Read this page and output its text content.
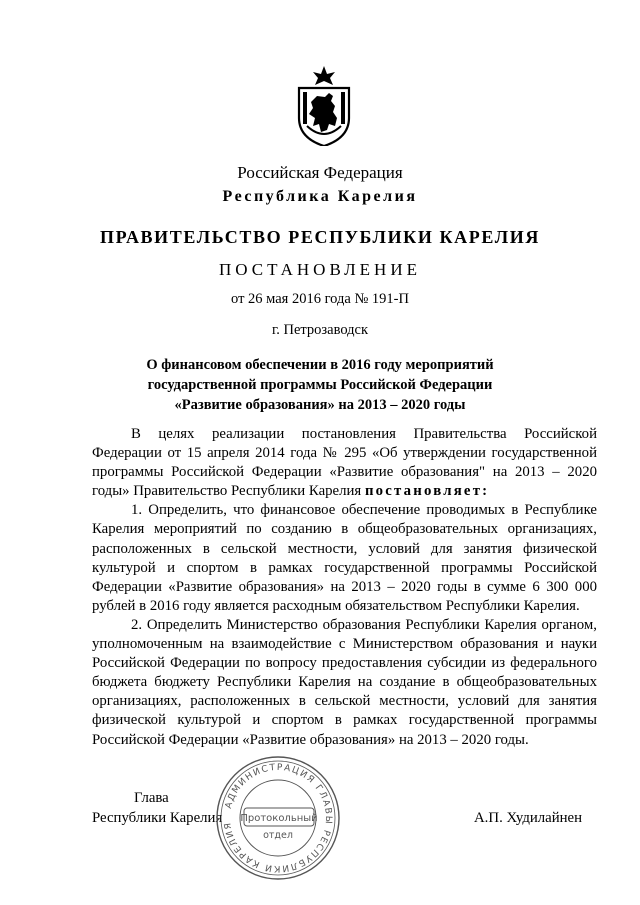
Российская Федерация
Республика Карелия
ПРАВИТЕЛЬСТВО РЕСПУБЛИКИ КАРЕЛИЯ
ПОСТАНОВЛЕНИЕ
от 26 мая 2016 года № 191-П
г. Петрозаводск
О финансовом обеспечении в 2016 году мероприятий
государственной программы Российской Федерации
«Развитие образования» на 2013 – 2020 годы

В целях реализации постановления Правительства Российской Федерации от 15 апреля 2014 года № 295 «Об утверждении государственной программы Российской Федерации «Развитие образования" на 2013 – 2020 годы» Правительство Республики Карелия постановляет:

1. Определить, что финансовое обеспечение проводимых в Республике Карелия мероприятий по созданию в общеобразовательных организациях, расположенных в сельской местности, условий для занятия физической культурой и спортом в рамках государственной программы Российской Федерации «Развитие образования» на 2013 – 2020 годы в сумме 6 300 000 рублей в 2016 году является расходным обязательством Республики Карелия.

2. Определить Министерство образования Республики Карелия органом, уполномоченным на взаимодействие с Министерством образования и науки Российской Федерации по вопросу предоставления субсидии из федерального бюджета бюджету Республики Карелия на создание в общеобразовательных организациях, расположенных в сельской местности, условий для занятия физической культурой и спортом в рамках государственной программы Российской Федерации «Развитие образования» на 2013 – 2020 годы.

Глава
Республики Карелия	А.П. Худилайнен
АДМИНИСТРАЦИЯ ГЛАВЫ РЕСПУБЛИКИ КАРЕЛИЯ
Протокольный
отдел
